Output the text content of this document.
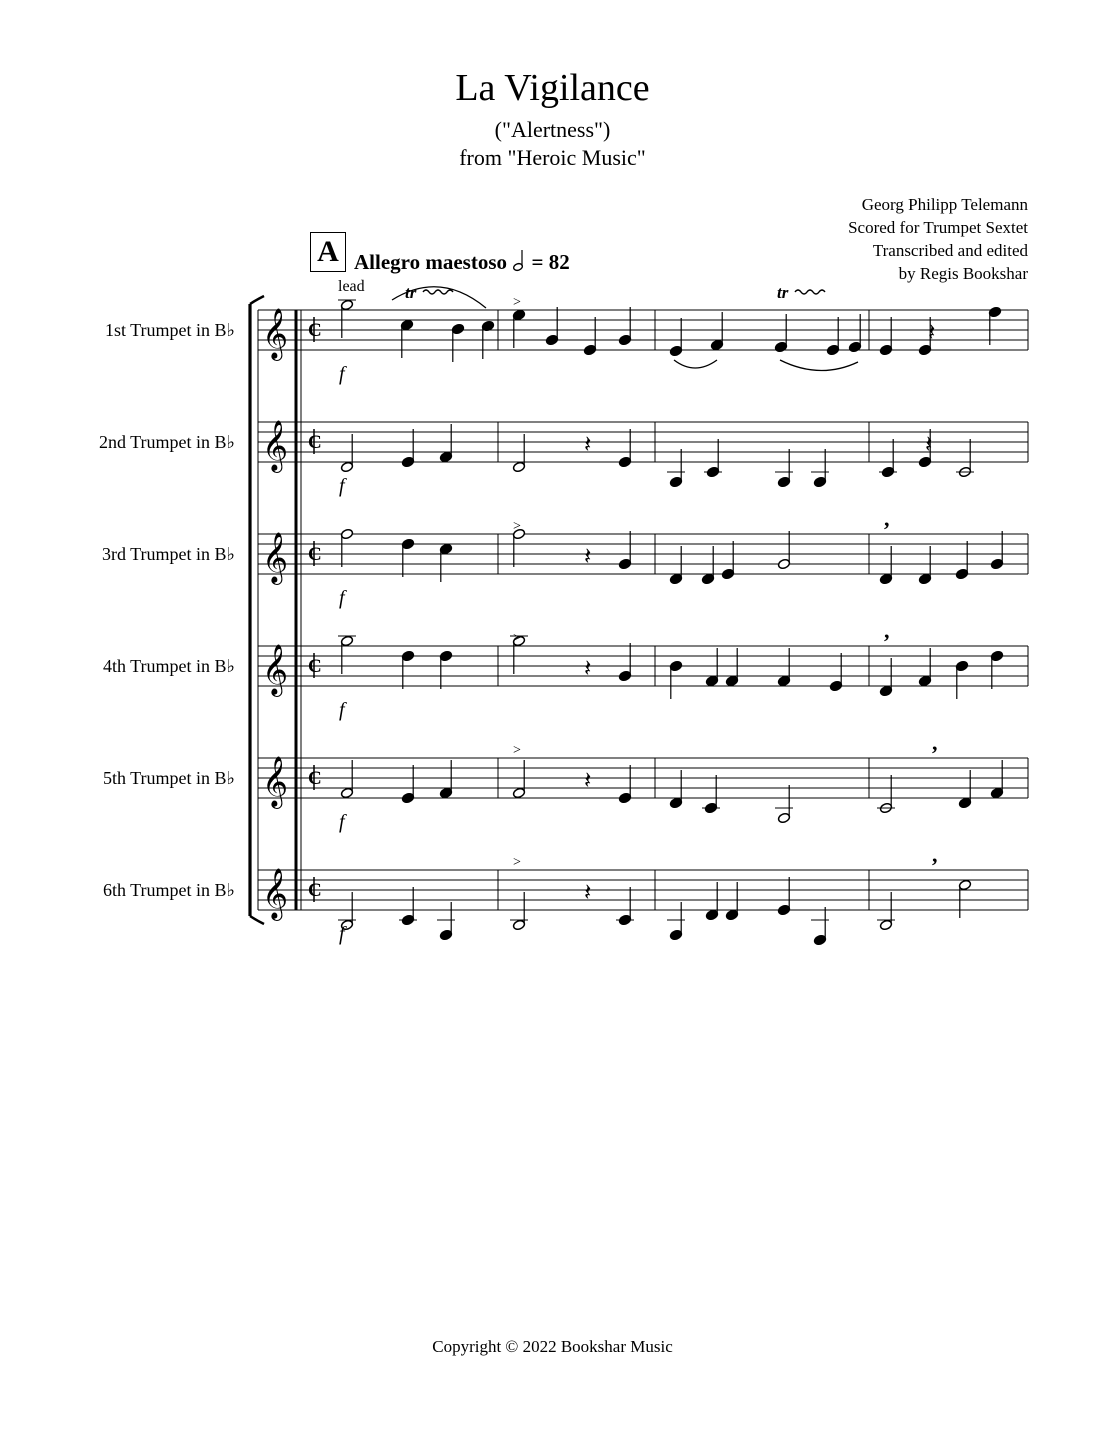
La Vigilance
("Alertness")
from "Heroic Music"
Georg Philipp Telemann
Scored for Trumpet Sextet
Transcribed and edited
by Regis Bookshar
A Allegro maestoso = 82
lead
1st Trumpet in B♭
2nd Trumpet in B♭
3rd Trumpet in B♭
4th Trumpet in B♭
5th Trumpet in B♭
6th Trumpet in B♭
𝄞 C
f
𝄽
𝄞 C
f
𝄽	𝄽
𝄞 C
f
𝄽
𝄞 C
f
𝄽
𝄞 C
f
𝄽
𝄞 C
f
𝄽
tr	tr
,
,
,
,
>
>
>
>
>
Copyright © 2022 Bookshar Music
